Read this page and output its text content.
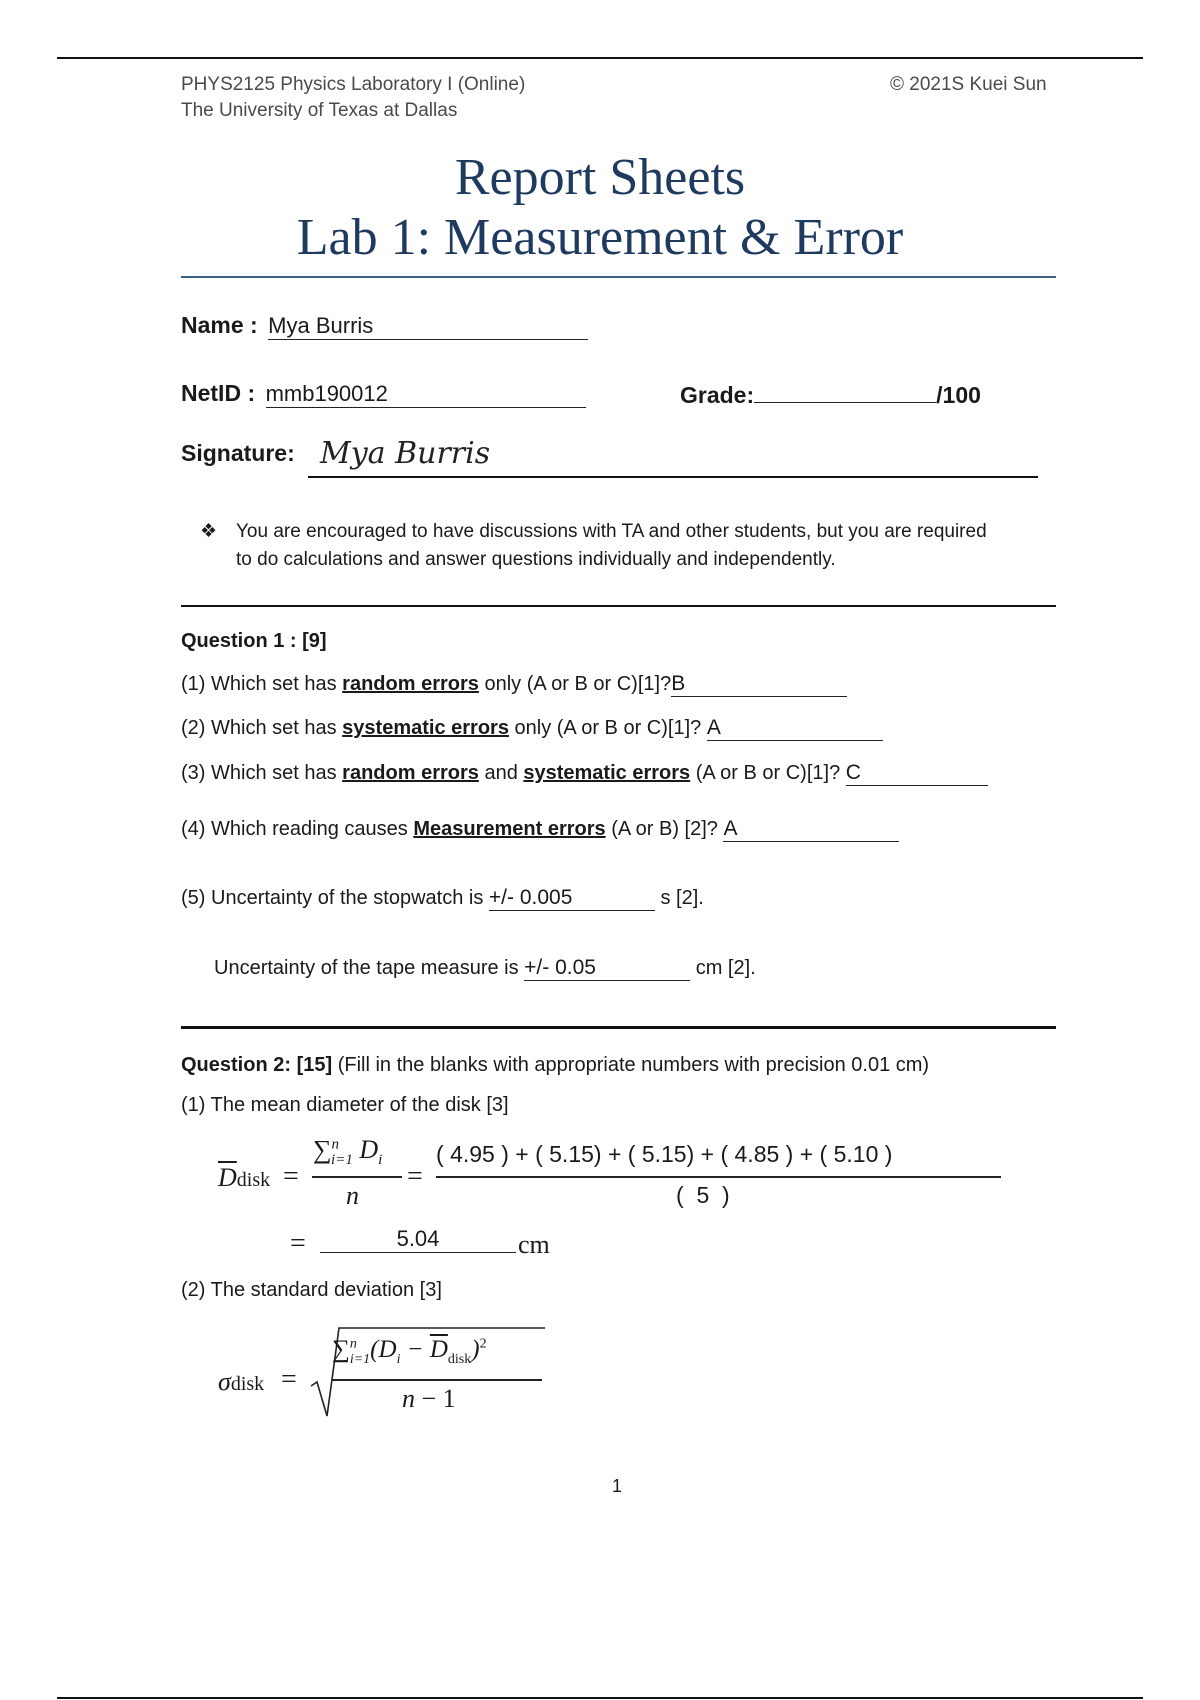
PHYS2125 Physics Laboratory I (Online)
The University of Texas at Dallas
© 2021S Kuei Sun
Report Sheets
Lab 1: Measurement & Error
Name : Mya Burris
NetID : mmb190012	Grade:	/100
Signature: Mya Burris
❖ You are encouraged to have discussions with TA and other students, but you are required
to do calculations and answer questions individually and independently.
Question 1 : [9]
(1) Which set has random errors only (A or B or C)[1]?B
(2) Which set has systematic errors only (A or B or C)[1]? A
(3) Which set has random errors and systematic errors (A or B or C)[1]? C
(4) Which reading causes Measurement errors (A or B) [2]? A
(5) Uncertainty of the stopwatch is +/- 0.005	s [2].
Uncertainty of the tape measure is +/- 0.05	cm [2].
Question 2: [15] (Fill in the blanks with appropriate numbers with precision 0.01 cm)
(1) The mean diameter of the disk [3]
$\overline{D}disk$ =
∑$^n_{i=1}$ $D_i$
n
=
( 4.95 ) + ( 5.15) + ( 5.15) + ( 4.85 ) + ( 5.10 )
(  5  )
=	5.04	cm
(2) The standard deviation [3]
σdisk =
$\sum^n_{i=1}(D_i - \overline{D}_{disk})^2$
n − 1
1
